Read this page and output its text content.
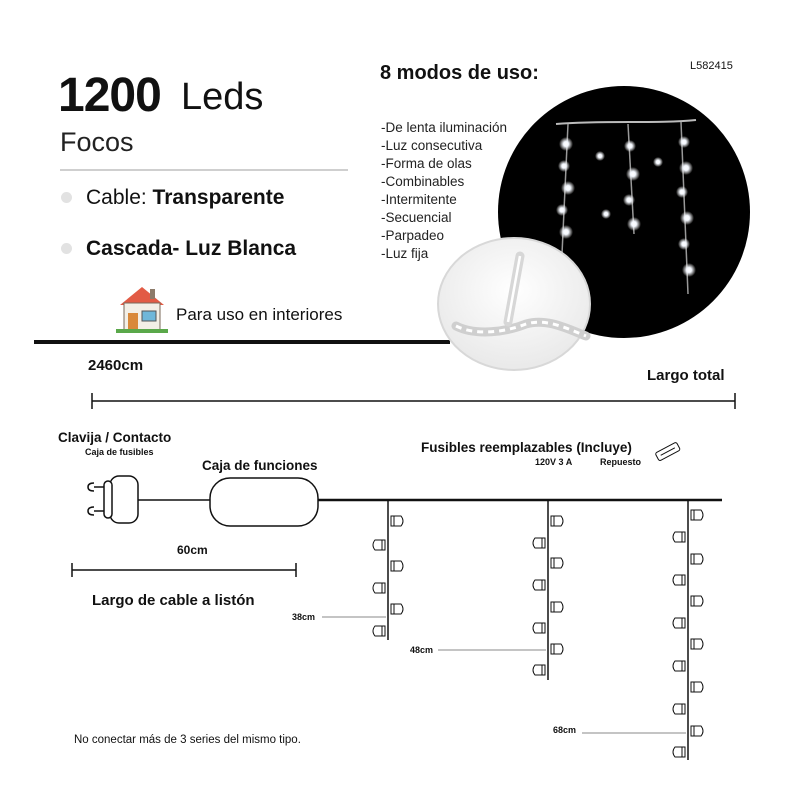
1200 Leds
Focos
Cable: Transparente
Cascada- Luz Blanca
Para uso en interiores
8 modos de uso:	L582415
-De lenta iluminación
-Luz consecutiva
-Forma de olas
-Combinables
-Intermitente
-Secuencial
-Parpadeo
-Luz fija
2460cm
Largo total
Clavija / Contacto
Caja de fusibles
Caja de funciones
Fusibles reemplazables (Incluye)
120V 3 A	Repuesto
60cm
Largo de cable a listón
38cm
48cm
68cm
No conectar más de 3 series del mismo tipo.
